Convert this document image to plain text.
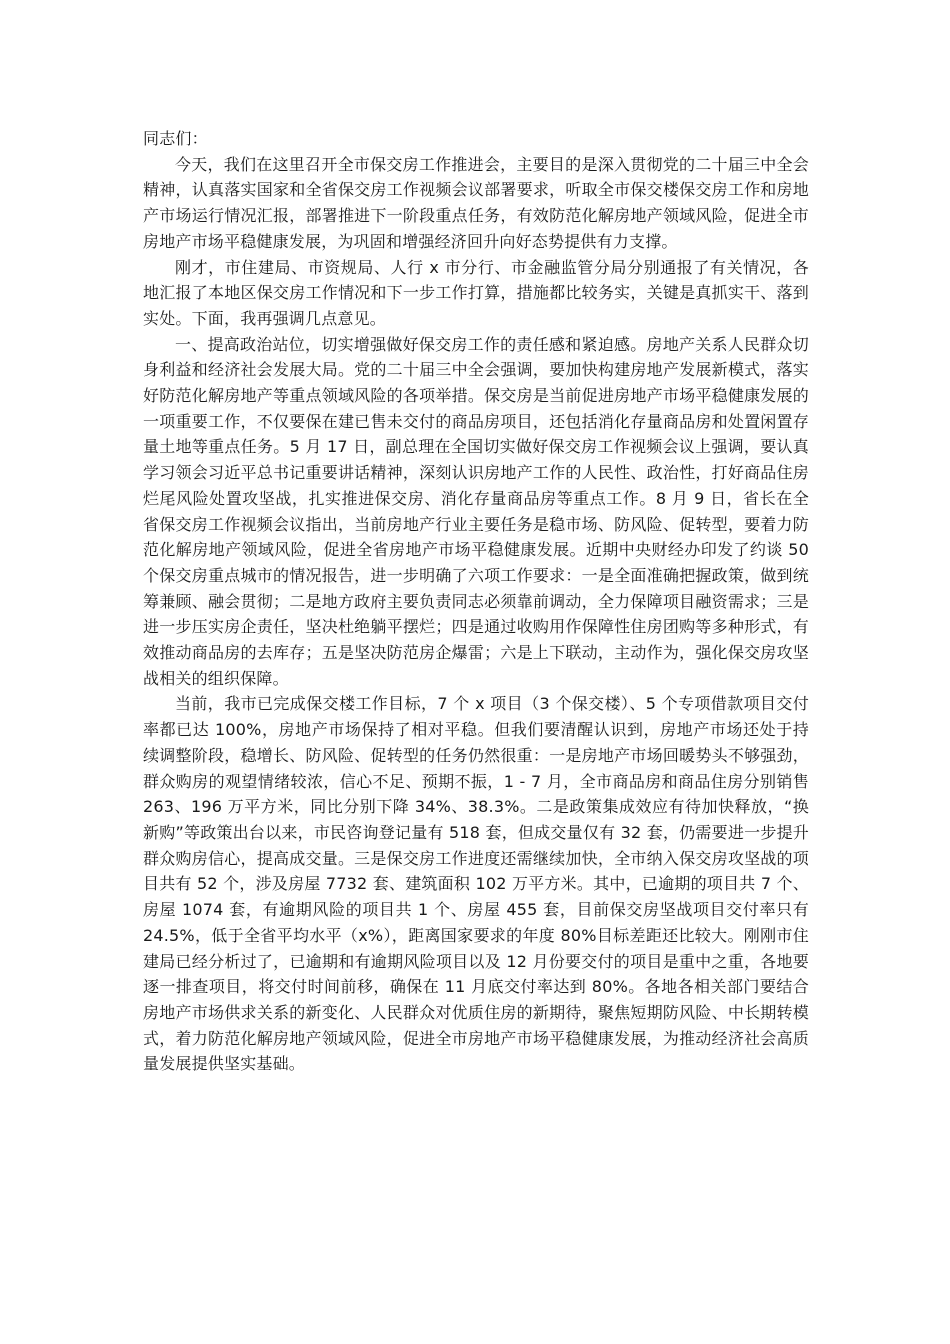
同志们：

今天，我们在这里召开全市保交房工作推进会，主要目的是深入贯彻党的二十届三中全会精神，认真落实国家和全省保交房工作视频会议部署要求，听取全市保交楼保交房工作和房地产市场运行情况汇报，部署推进下一阶段重点任务，有效防范化解房地产领域风险，促进全市房地产市场平稳健康发展，为巩固和增强经济回升向好态势提供有力支撑。

刚才，市住建局、市资规局、人行 x 市分行、市金融监管分局分别通报了有关情况，各地汇报了本地区保交房工作情况和下一步工作打算，措施都比较务实，关键是真抓实干、落到实处。下面，我再强调几点意见。

一、提高政治站位，切实增强做好保交房工作的责任感和紧迫感。房地产关系人民群众切身利益和经济社会发展大局。党的二十届三中全会强调，要加快构建房地产发展新模式，落实好防范化解房地产等重点领域风险的各项举措。保交房是当前促进房地产市场平稳健康发展的一项重要工作，不仅要保在建已售未交付的商品房项目，还包括消化存量商品房和处置闲置存量土地等重点任务。5 月 17 日，副总理在全国切实做好保交房工作视频会议上强调，要认真学习领会习近平总书记重要讲话精神，深刻认识房地产工作的人民性、政治性，打好商品住房烂尾风险处置攻坚战，扎实推进保交房、消化存量商品房等重点工作。8 月 9 日，省长在全省保交房工作视频会议指出，当前房地产行业主要任务是稳市场、防风险、促转型，要着力防范化解房地产领域风险，促进全省房地产市场平稳健康发展。近期中央财经办印发了约谈 50 个保交房重点城市的情况报告，进一步明确了六项工作要求：一是全面准确把握政策，做到统筹兼顾、融会贯彻；二是地方政府主要负责同志必须靠前调动，全力保障项目融资需求；三是进一步压实房企责任，坚决杜绝躺平摆烂；四是通过收购用作保障性住房团购等多种形式，有效推动商品房的去库存；五是坚决防范房企爆雷；六是上下联动，主动作为，强化保交房攻坚战相关的组织保障。

当前，我市已完成保交楼工作目标，7 个 x 项目（3 个保交楼）、5 个专项借款项目交付率都已达 100%，房地产市场保持了相对平稳。但我们要清醒认识到，房地产市场还处于持续调整阶段，稳增长、防风险、促转型的任务仍然很重：一是房地产市场回暖势头不够强劲，群众购房的观望情绪较浓，信心不足、预期不振，1 - 7 月，全市商品房和商品住房分别销售 263、196 万平方米，同比分别下降 34%、38.3%。二是政策集成效应有待加快释放，“换新购”等政策出台以来，市民咨询登记量有 518 套，但成交量仅有 32 套，仍需要进一步提升群众购房信心，提高成交量。三是保交房工作进度还需继续加快，全市纳入保交房攻坚战的项目共有 52 个，涉及房屋 7732 套、建筑面积 102 万平方米。其中，已逾期的项目共 7 个、房屋 1074 套，有逾期风险的项目共 1 个、房屋 455 套，目前保交房坚战项目交付率只有 24.5%，低于全省平均水平（x%），距离国家要求的年度 80%目标差距还比较大。刚刚市住建局已经分析过了，已逾期和有逾期风险项目以及 12 月份要交付的项目是重中之重，各地要逐一排查项目，将交付时间前移，确保在 11 月底交付率达到 80%。各地各相关部门要结合房地产市场供求关系的新变化、人民群众对优质住房的新期待，聚焦短期防风险、中长期转模式，着力防范化解房地产领域风险，促进全市房地产市场平稳健康发展，为推动经济社会高质量发展提供坚实基础。
